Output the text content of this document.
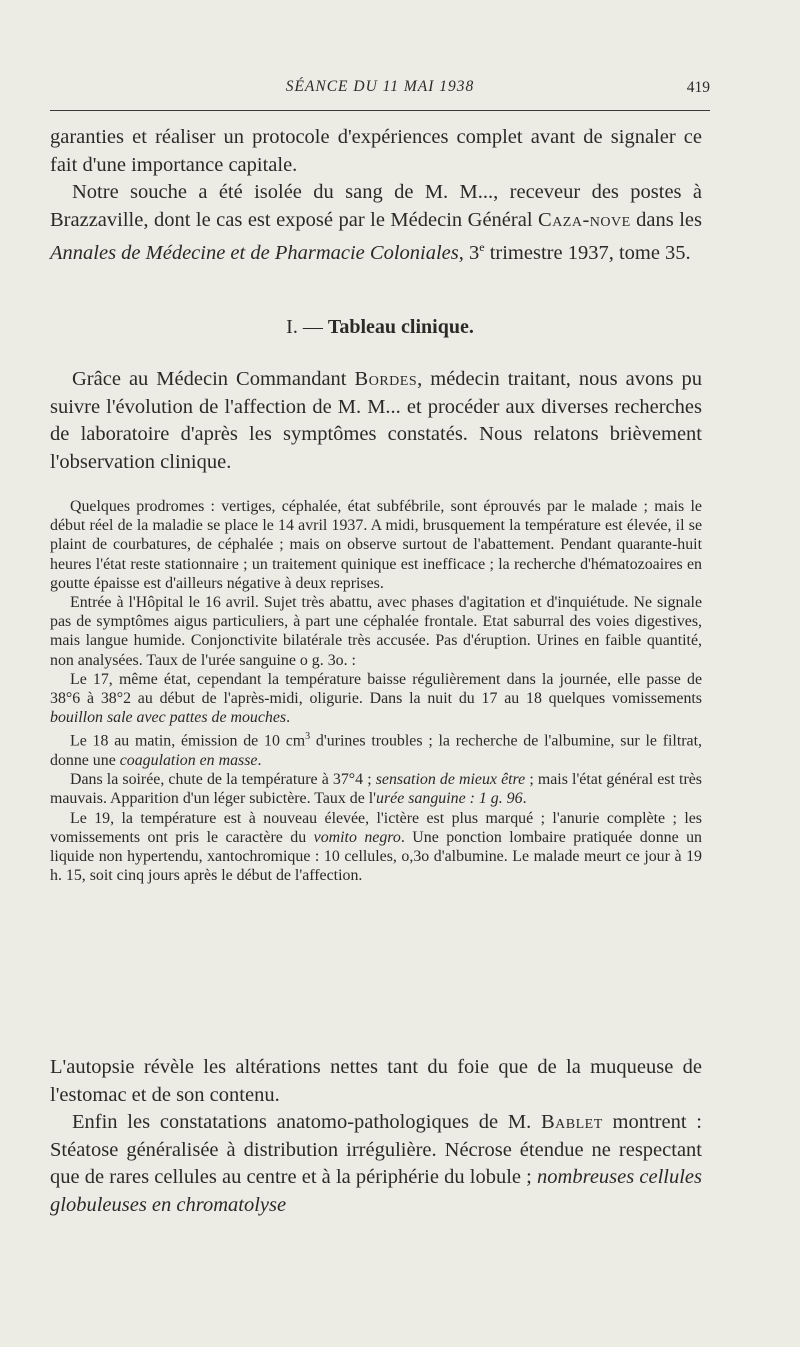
SÉANCE DU 11 MAI 1938	419

garanties et réaliser un protocole d'expériences complet avant de signaler ce fait d'une importance capitale.

Notre souche a été isolée du sang de M. M..., receveur des postes à Brazzaville, dont le cas est exposé par le Médecin Général Caza-nove dans les Annales de Médecine et de Pharmacie Coloniales, 3e trimestre 1937, tome 35.

I. — Tableau clinique.

Grâce au Médecin Commandant Bordes, médecin traitant, nous avons pu suivre l'évolution de l'affection de M. M... et procéder aux diverses recherches de laboratoire d'après les symptômes constatés. Nous relatons brièvement l'observation clinique.

Quelques prodromes : vertiges, céphalée, état subfébrile, sont éprouvés par le malade ; mais le début réel de la maladie se place le 14 avril 1937. A midi, brusquement la température est élevée, il se plaint de courbatures, de céphalée ; mais on observe surtout de l'abattement. Pendant quarante-huit heures l'état reste stationnaire ; un traitement quinique est inefficace ; la recherche d'hématozoaires en goutte épaisse est d'ailleurs négative à deux reprises.

Entrée à l'Hôpital le 16 avril. Sujet très abattu, avec phases d'agitation et d'inquiétude. Ne signale pas de symptômes aigus particuliers, à part une céphalée frontale. Etat saburral des voies digestives, mais langue humide. Conjonctivite bilatérale très accusée. Pas d'éruption. Urines en faible quantité, non analysées. Taux de l'urée sanguine o g. 3o. :

Le 17, même état, cependant la température baisse régulièrement dans la journée, elle passe de 38°6 à 38°2 au début de l'après-midi, oligurie. Dans la nuit du 17 au 18 quelques vomissements bouillon sale avec pattes de mouches.

Le 18 au matin, émission de 10 $cm^3$ d'urines troubles ; la recherche de l'albumine, sur le filtrat, donne une coagulation en masse.

Dans la soirée, chute de la température à 37°4 ; sensation de mieux être ; mais l'état général est très mauvais. Apparition d'un léger subictère. Taux de l'urée sanguine : 1 g. 96.

Le 19, la température est à nouveau élevée, l'ictère est plus marqué ; l'anurie complète ; les vomissements ont pris le caractère du vomito negro. Une ponction lombaire pratiquée donne un liquide non hypertendu, xantochromique : 10 cellules, o,3o d'albumine. Le malade meurt ce jour à 19 h. 15, soit cinq jours après le début de l'affection.

L'autopsie révèle les altérations nettes tant du foie que de la muqueuse de l'estomac et de son contenu.

Enfin les constatations anatomo-pathologiques de M. Bablet montrent : Stéatose généralisée à distribution irrégulière. Nécrose étendue ne respectant que de rares cellules au centre et à la périphérie du lobule ; nombreuses cellules globuleuses en chromatolyse
